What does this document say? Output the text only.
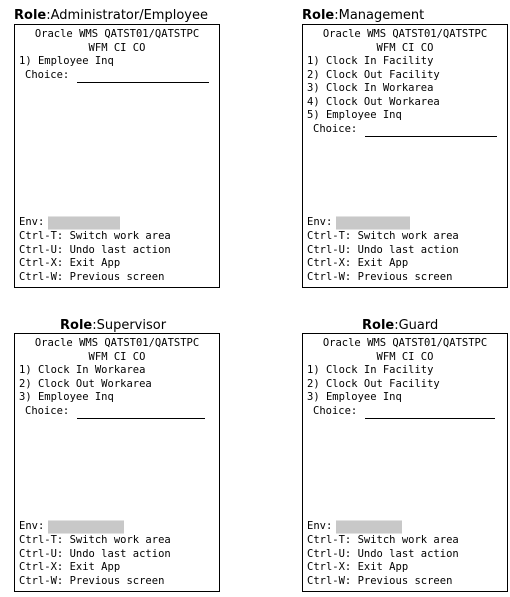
Role:Administrator/Employee
Oracle WMS QATST01/QATSTPC
WFM CI CO
1) Employee Inq
Choice:
Env:
Ctrl-T: Switch work area
Ctrl-U: Undo last action
Ctrl-X: Exit App
Ctrl-W: Previous screen
Role:Management
Oracle WMS QATST01/QATSTPC
WFM CI CO
1) Clock In Facility
2) Clock Out Facility
3) Clock In Workarea
4) Clock Out Workarea
5) Employee Inq
Choice:
Env:
Ctrl-T: Switch work area
Ctrl-U: Undo last action
Ctrl-X: Exit App
Ctrl-W: Previous screen
Role:Supervisor
Oracle WMS QATST01/QATSTPC
WFM CI CO
1) Clock In Workarea
2) Clock Out Workarea
3) Employee Inq
Choice:
Env:
Ctrl-T: Switch work area
Ctrl-U: Undo last action
Ctrl-X: Exit App
Ctrl-W: Previous screen
Role:Guard
Oracle WMS QATST01/QATSTPC
WFM CI CO
1) Clock In Facility
2) Clock Out Facility
3) Employee Inq
Choice:
Env:
Ctrl-T: Switch work area
Ctrl-U: Undo last action
Ctrl-X: Exit App
Ctrl-W: Previous screen
